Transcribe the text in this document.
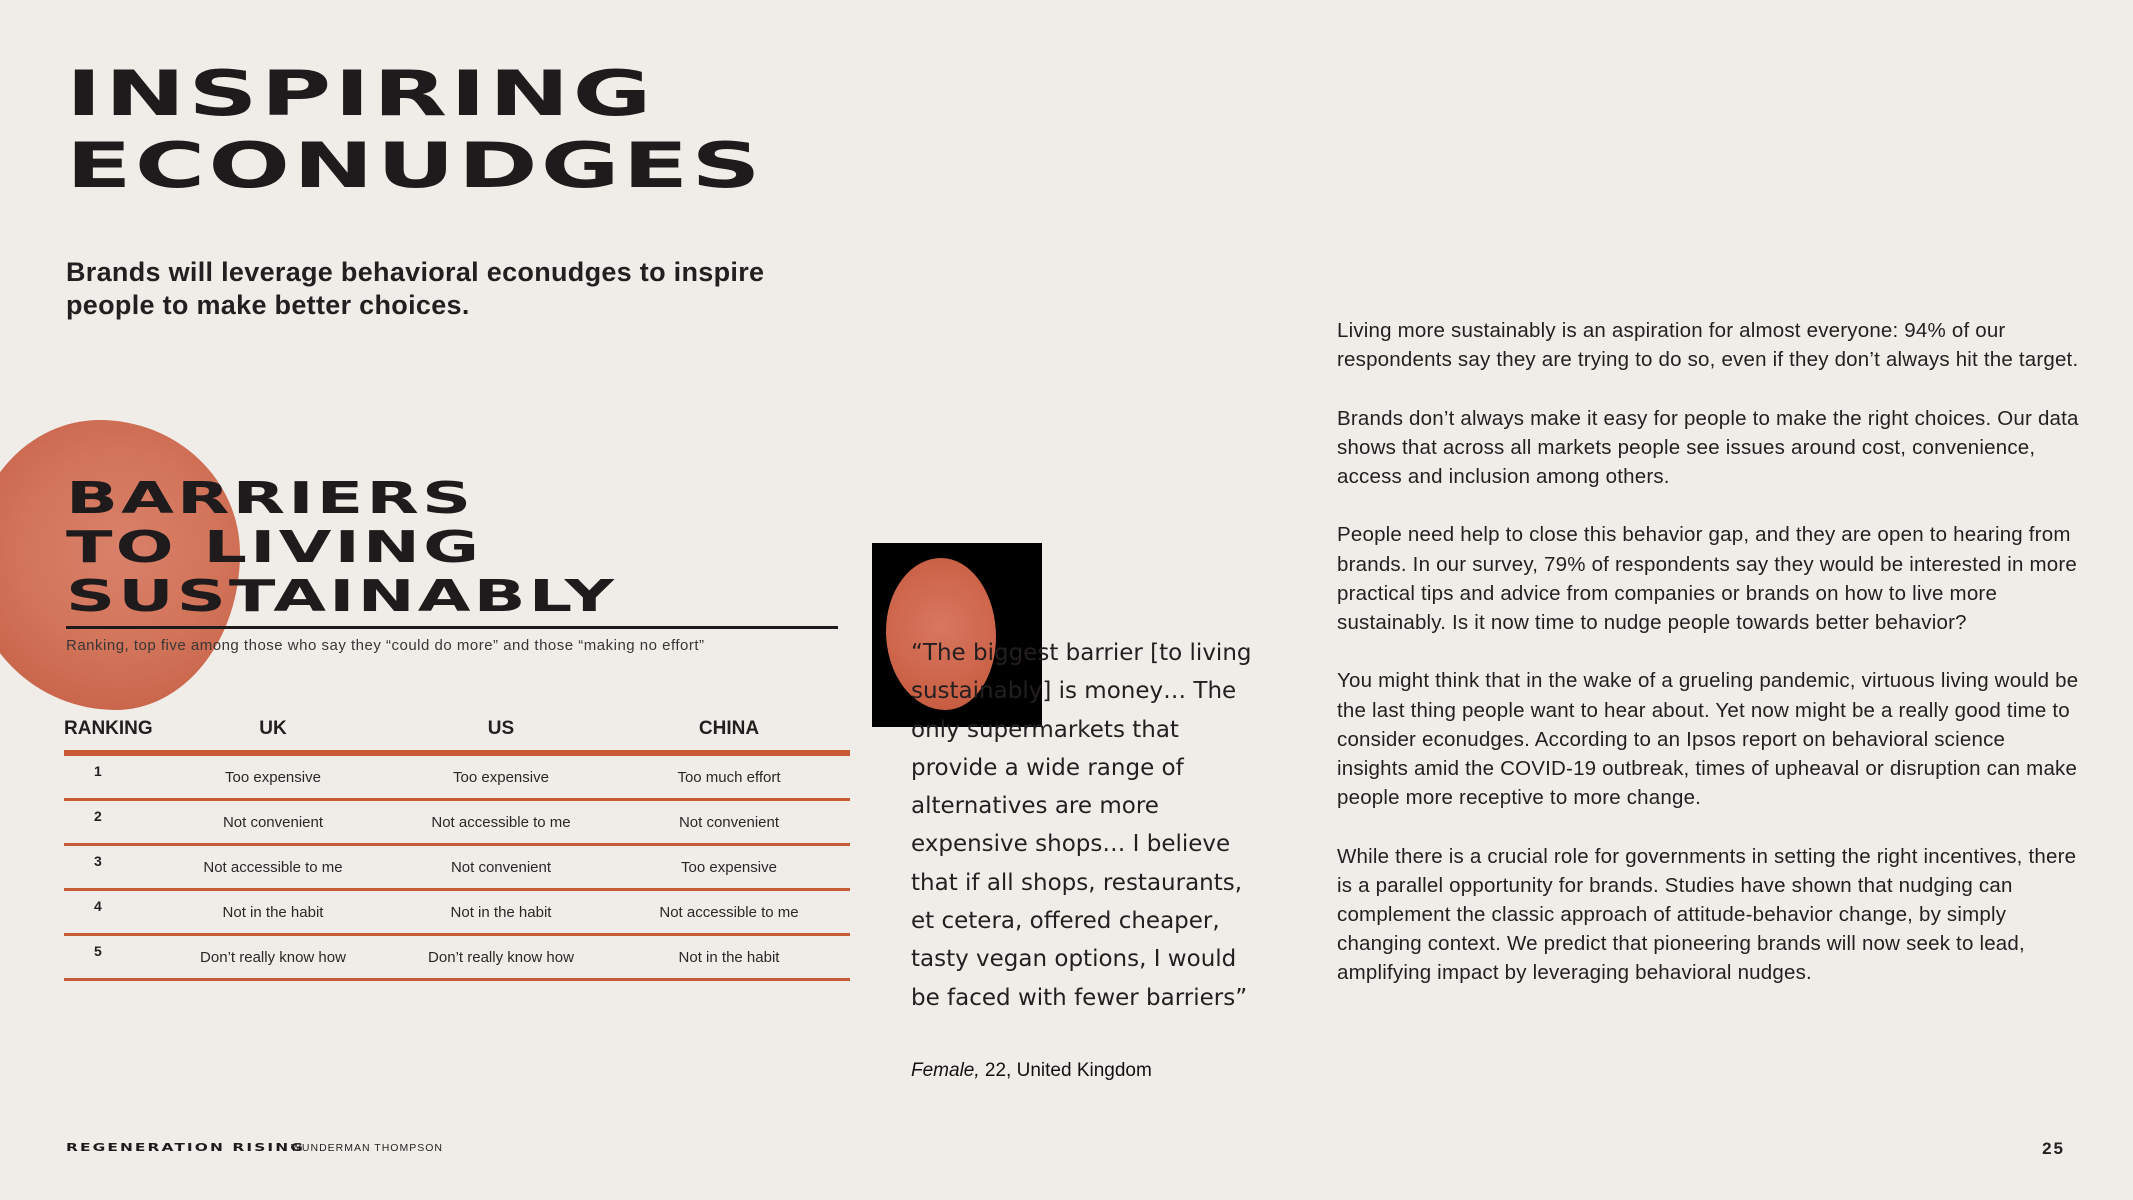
INSPIRING
ECONUDGES
Brands will leverage behavioral econudges to inspire people to make better choices.
BARRIERS
TO LIVING
SUSTAINABLY
Ranking, top five among those who say they “could do more” and those “making no effort”
RANKING	UK	US	CHINA
1	Too expensive	Too expensive	Too much effort
2	Not convenient	Not accessible to me	Not convenient
3	Not accessible to me	Not convenient	Too expensive
4	Not in the habit	Not in the habit	Not accessible to me
5	Don’t really know how	Don’t really know how	Not in the habit
“The biggest barrier [to living sustainably] is money… The only supermarkets that provide a wide range of alternatives are more expensive shops… I believe that if all shops, restaurants, et cetera, offered cheaper, tasty vegan options, I would be faced with fewer barriers”
Female, 22, United Kingdom

Living more sustainably is an aspiration for almost everyone: 94% of our respondents say they are trying to do so, even if they don’t always hit the target.

Brands don’t always make it easy for people to make the right choices. Our data shows that across all markets people see issues around cost, convenience, access and inclusion among others.

People need help to close this behavior gap, and they are open to hearing from brands. In our survey, 79% of respondents say they would be interested in more practical tips and advice from companies or brands on how to live more sustainably. Is it now time to nudge people towards better behavior?

You might think that in the wake of a grueling pandemic, virtuous living would be the last thing people want to hear about. Yet now might be a really good time to consider econudges. According to an Ipsos report on behavioral science insights amid the COVID-19 outbreak, times of upheaval or disruption can make people more receptive to more change.

While there is a crucial role for governments in setting the right incentives, there is a parallel opportunity for brands. Studies have shown that nudging can complement the classic approach of attitude-behavior change, by simply changing context. We predict that pioneering brands will now seek to lead, amplifying impact by leveraging behavioral nudges.

REGENERATION RISING
WUNDERMAN THOMPSON	25
